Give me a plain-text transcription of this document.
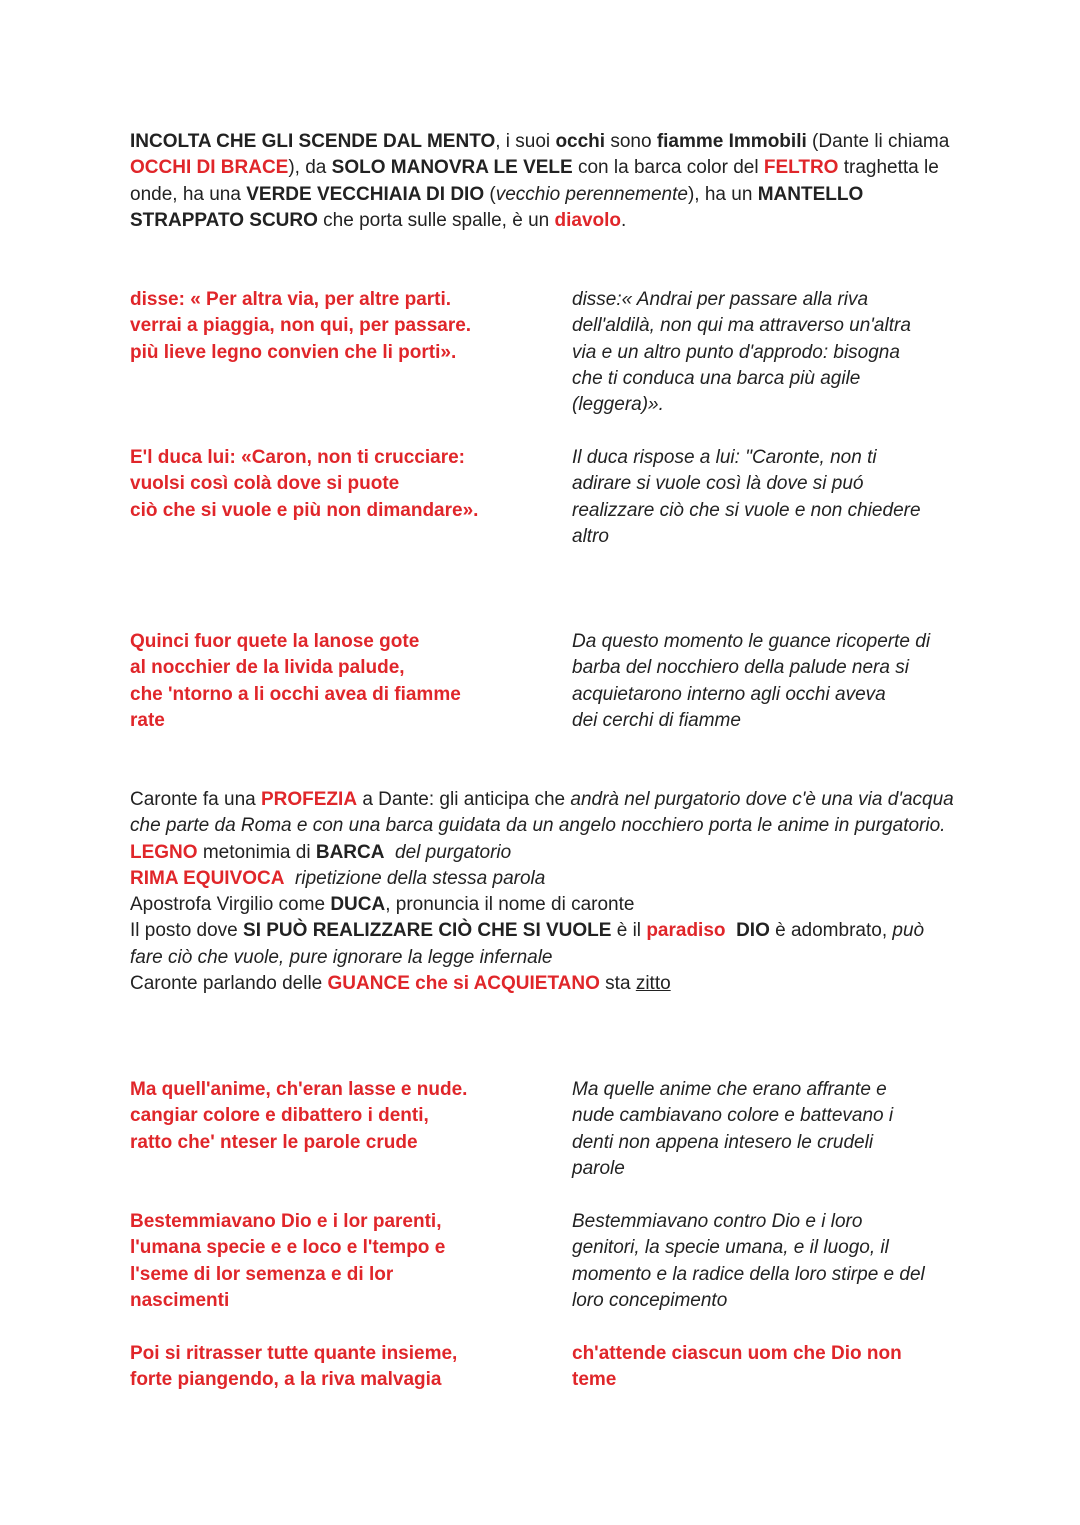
INCOLTA CHE GLI SCENDE DAL MENTO, i suoi occhi sono fiamme Immobili (Dante li chiama OCCHI DI BRACE), da SOLO MANOVRA LE VELE con la barca color del FELTRO traghetta le onde, ha una VERDE VECCHIAIA DI DIO (vecchio perennemente), ha un MANTELLO STRAPPATO SCURO che porta sulle spalle, è un diavolo.
disse: « Per altra via, per altre parti.
verrai a piaggia, non qui, per passare.
più lieve legno convien che li porti».
disse:« Andrai per passare alla riva
dell'aldilà, non qui ma attraverso un'altra
via e un altro punto d'approdo: bisogna
che ti conduca una barca più agile
(leggera)».
E'l duca lui: «Caron, non ti crucciare:
vuolsi così colà dove si puote
ciò che si vuole e più non dimandare».
Il duca rispose a lui: "Caronte, non ti
adirare si vuole così là dove si puó
realizzare ciò che si vuole e non chiedere
altro
Quinci fuor quete la lanose gote
al nocchier de la livida palude,
che 'ntorno a li occhi avea di fiamme
rate
Da questo momento le guance ricoperte di
barba del nocchiero della palude nera si
acquietarono interno agli occhi aveva
dei cerchi di fiamme
Caronte fa una PROFEZIA a Dante: gli anticipa che andrà nel purgatorio dove c'è una via d'acqua che parte da Roma e con una barca guidata da un angelo nocchiero porta le anime in purgatorio.
LEGNO metonimia di BARCA del purgatorio
RIMA EQUIVOCA ripetizione della stessa parola
Apostrofa Virgilio come DUCA, pronuncia il nome di caronte
Il posto dove SI PUÒ REALIZZARE CIÒ CHE SI VUOLE è il paradiso DIO è adombrato, può fare ciò che vuole, pure ignorare la legge infernale
Caronte parlando delle GUANCE che si ACQUIETANO sta zitto
Ma quell'anime, ch'eran lasse e nude.
cangiar colore e dibattero i denti,
ratto che' nteser le parole crude
Ma quelle anime che erano affrante e
nude cambiavano colore e battevano i
denti non appena intesero le crudeli
parole
Bestemmiavano Dio e i lor parenti,
l'umana specie e e loco e l'tempo e
l'seme di lor semenza e di lor
nascimenti
Bestemmiavano contro Dio e i loro
genitori, la specie umana, e il luogo, il
momento e la radice della loro stirpe e del
loro concepimento
Poi si ritrasser tutte quante insieme,
forte piangendo, a la riva malvagia
ch'attende ciascun uom che Dio non
teme
